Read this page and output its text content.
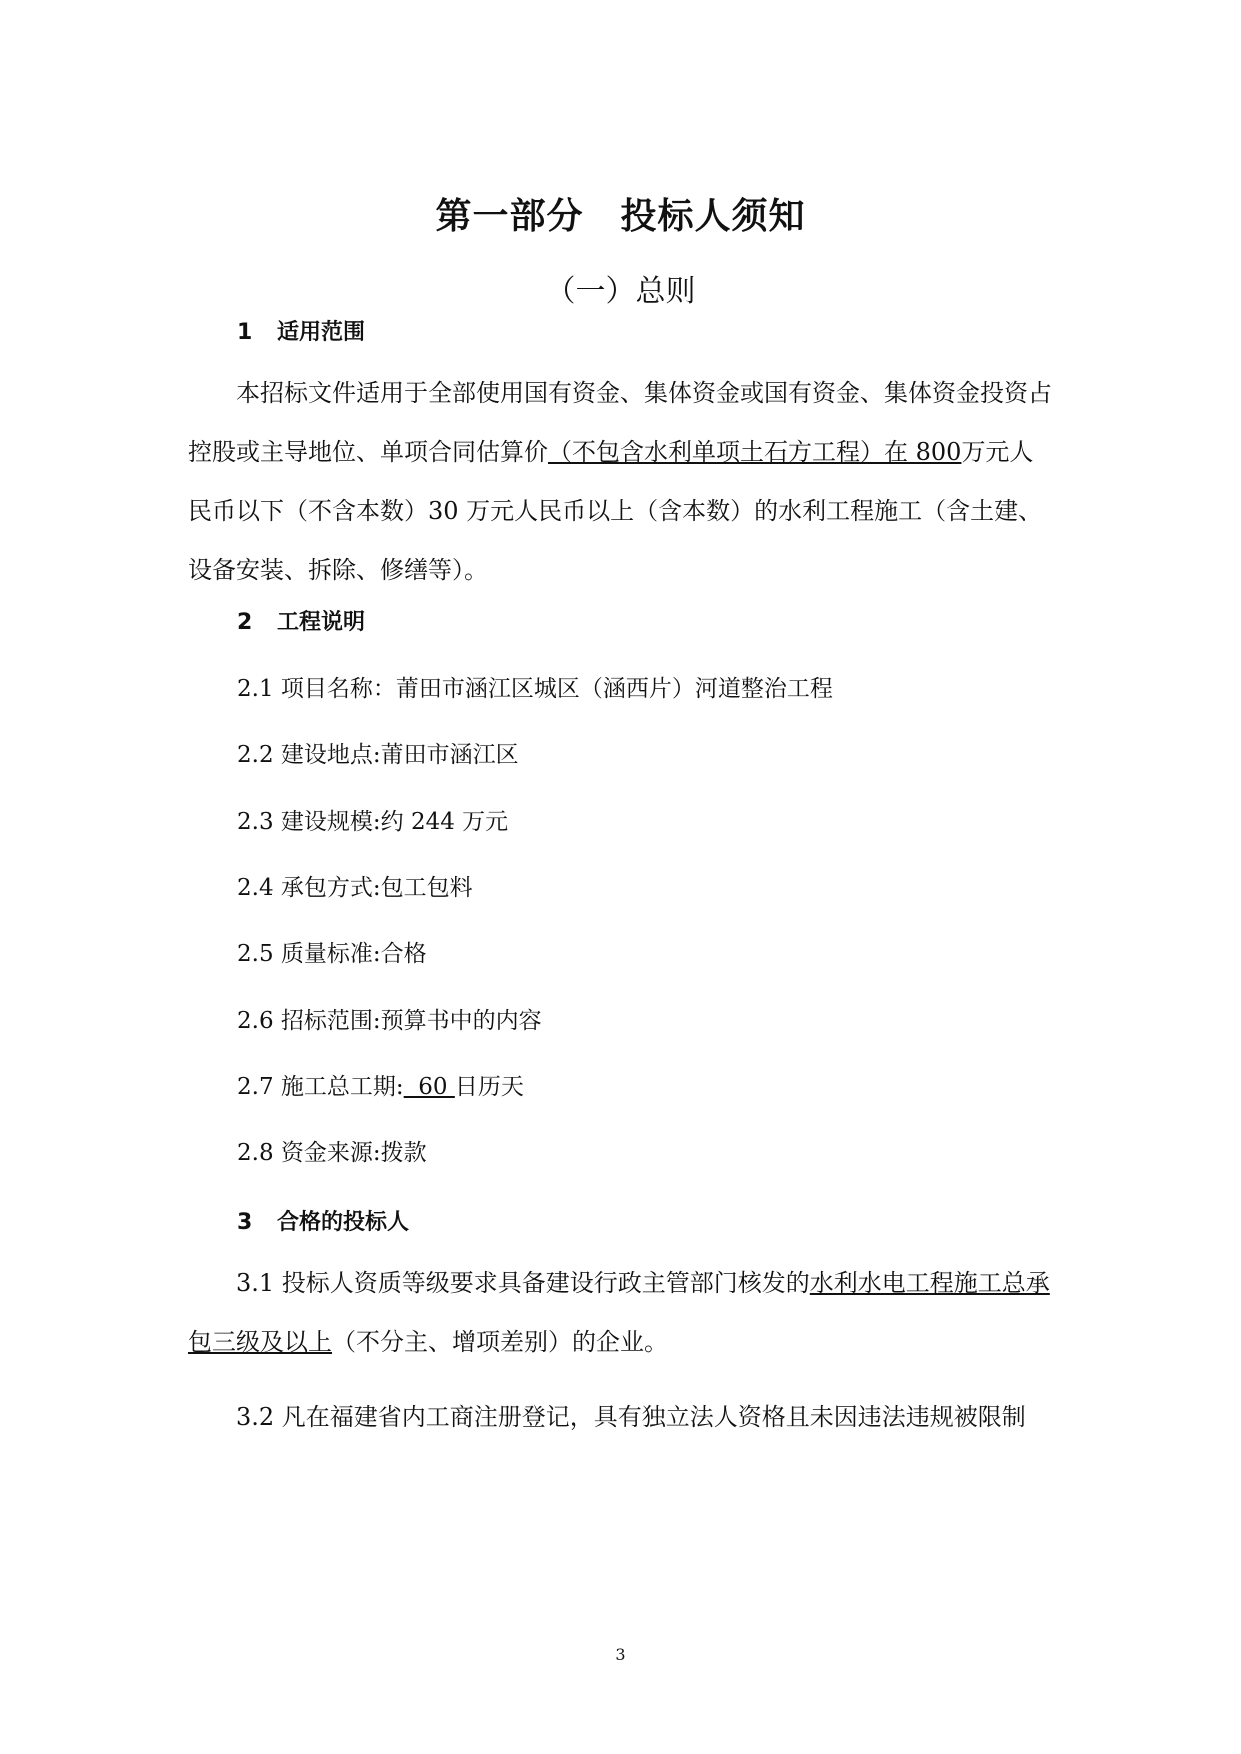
第一部分　投标人须知
（一）总则
1 适用范围
本招标文件适用于全部使用国有资金、集体资金或国有资金、集体资金投资占控股或主导地位、单项合同估算价（不包含水利单项土石方工程）在 800万元人民币以下（不含本数）30 万元人民币以上（含本数）的水利工程施工（含土建、设备安装、拆除、修缮等）。
2 工程说明
2.1 项目名称：莆田市涵江区城区（涵西片）河道整治工程
2.2 建设地点:莆田市涵江区
2.3 建设规模:约 244 万元
2.4 承包方式:包工包料
2.5 质量标准:合格
2.6 招标范围:预算书中的内容
2.7 施工总工期:  60 日历天
2.8 资金来源:拨款
3 合格的投标人
3.1 投标人资质等级要求具备建设行政主管部门核发的水利水电工程施工总承包三级及以上（不分主、增项差别）的企业。
3.2 凡在福建省内工商注册登记，具有独立法人资格且未因违法违规被限制
3
